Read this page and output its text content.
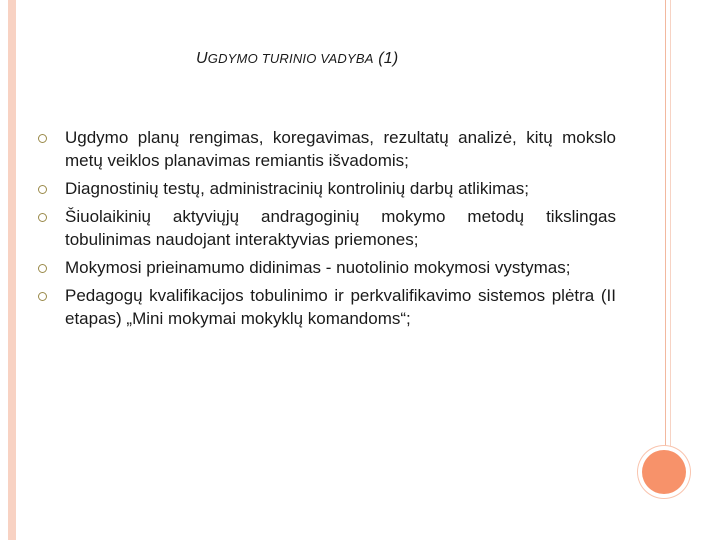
UGDYMO TURINIO VADYBA (1)
Ugdymo planų rengimas, koregavimas, rezultatų analizė, kitų mokslo metų veiklos planavimas remiantis išvadomis;
Diagnostinių testų, administracinių kontrolinių darbų atlikimas;
Šiuolaikinių aktyviųjų andragoginių mokymo metodų tikslingas tobulinimas naudojant interaktyvias priemones;
Mokymosi prieinamumo didinimas - nuotolinio mokymosi vystymas;
Pedagogų kvalifikacijos tobulinimo ir perkvalifikavimo sistemos plėtra (II etapas) „Mini mokymai mokyklų komandoms“;
